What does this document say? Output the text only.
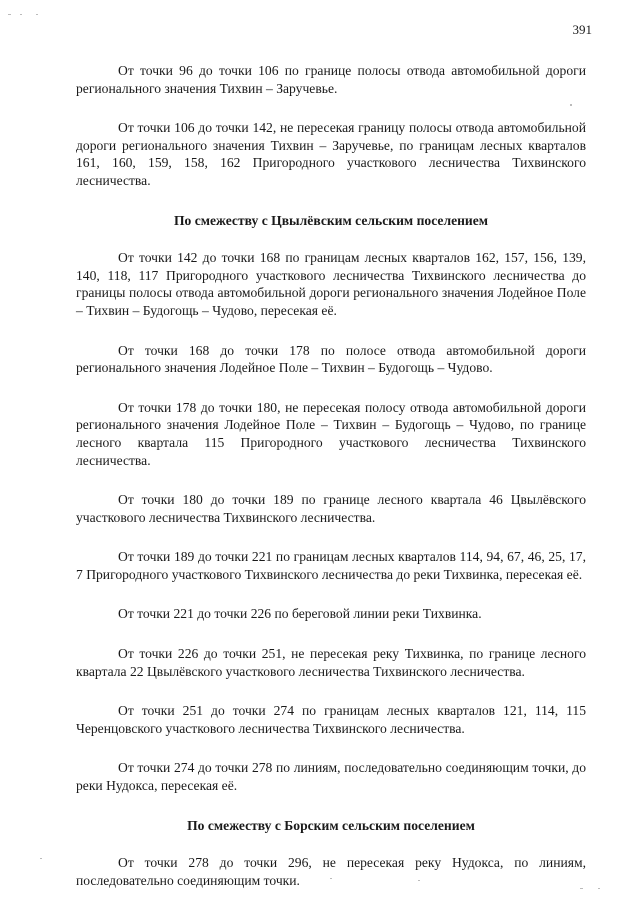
391

От точки 96 до точки 106 по границе полосы отвода автомобильной дороги регионального значения Тихвин – Заручевье.

От точки 106 до точки 142, не пересекая границу полосы отвода автомобильной дороги регионального значения Тихвин – Заручевье, по границам лесных кварталов 161, 160, 159, 158, 162 Пригородного участкового лесничества Тихвинского лесничества.

По смежеству с Цвылёвским сельским поселением

От точки 142 до точки 168 по границам лесных кварталов 162, 157, 156, 139, 140, 118, 117 Пригородного участкового лесничества Тихвинского лесничества до границы полосы отвода автомобильной дороги регионального значения Лодейное Поле – Тихвин – Будогощь – Чудово, пересекая её.

От точки 168 до точки 178 по полосе отвода автомобильной дороги регионального значения Лодейное Поле – Тихвин – Будогощь – Чудово.

От точки 178 до точки 180, не пересекая полосу отвода автомобильной дороги регионального значения Лодейное Поле – Тихвин – Будогощь – Чудово, по границе лесного квартала 115 Пригородного участкового лесничества Тихвинского лесничества.

От точки 180 до точки 189 по границе лесного квартала 46 Цвылёвского участкового лесничества Тихвинского лесничества.

От точки 189 до точки 221 по границам лесных кварталов 114, 94, 67, 46, 25, 17, 7 Пригородного участкового Тихвинского лесничества до реки Тихвинка, пересекая её.

От точки 221 до точки 226 по береговой линии реки Тихвинка.

От точки 226 до точки 251, не пересекая реку Тихвинка, по границе лесного квартала 22 Цвылёвского участкового лесничества Тихвинского лесничества.

От точки 251 до точки 274 по границам лесных кварталов 121, 114, 115 Черенцовского участкового лесничества Тихвинского лесничества.

От точки 274 до точки 278 по линиям, последовательно соединяющим точки, до реки Нудокса, пересекая её.

По смежеству с Борским сельским поселением

От точки 278 до точки 296, не пересекая реку Нудокса, по линиям, последовательно соединяющим точки.
